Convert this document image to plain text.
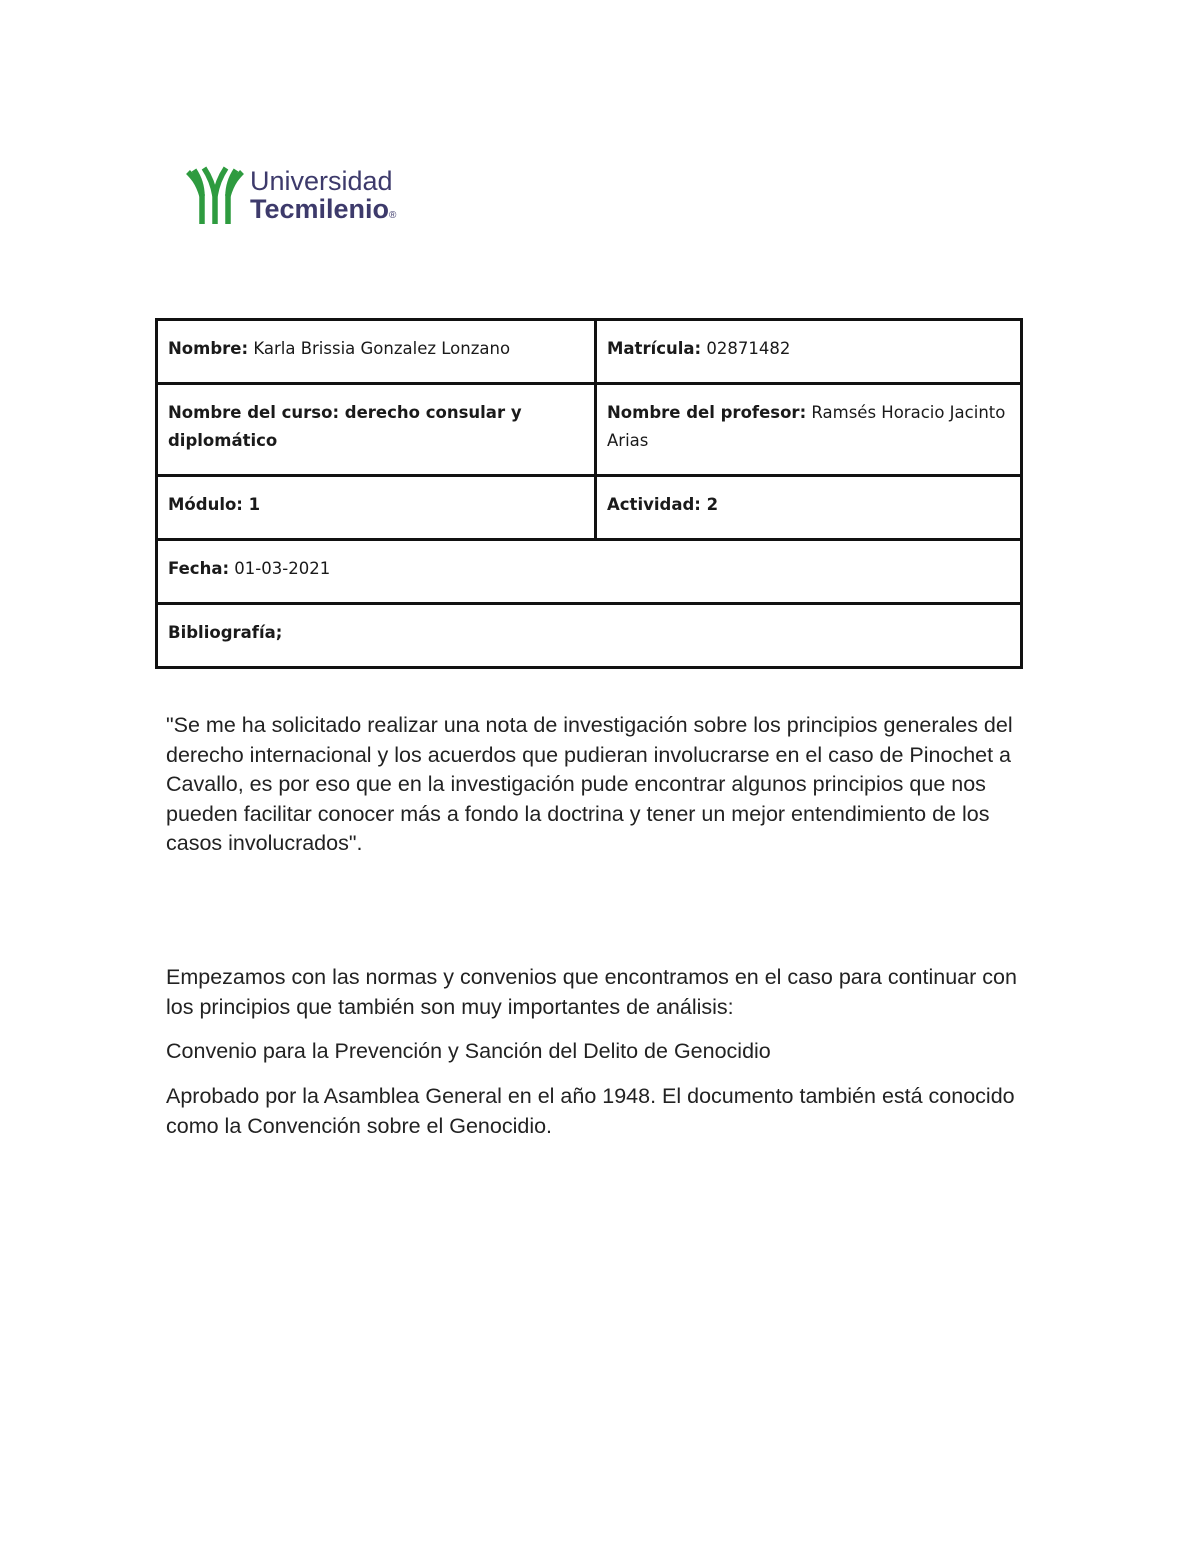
Universidad
Tecmilenio®
Nombre: Karla Brissia Gonzalez Lonzano	Matrícula: 02871482
Nombre del curso: derecho consular y diplomático	Nombre del profesor: Ramsés Horacio Jacinto Arias
Módulo: 1	Actividad: 2
Fecha: 01-03-2021	
Bibliografía;	

"Se me ha solicitado realizar una nota de investigación sobre los principios generales del derecho internacional y los acuerdos que pudieran involucrarse en el caso de Pinochet a Cavallo, es por eso que en la investigación pude encontrar algunos principios que nos pueden facilitar conocer más a fondo la doctrina y tener un mejor entendimiento de los casos involucrados".

Empezamos con las normas y convenios que encontramos en el caso para continuar con los principios que también son muy importantes de análisis:

Convenio para la Prevención y Sanción del Delito de Genocidio

Aprobado por la Asamblea General en el año 1948. El documento también está conocido como la Convención sobre el Genocidio.
